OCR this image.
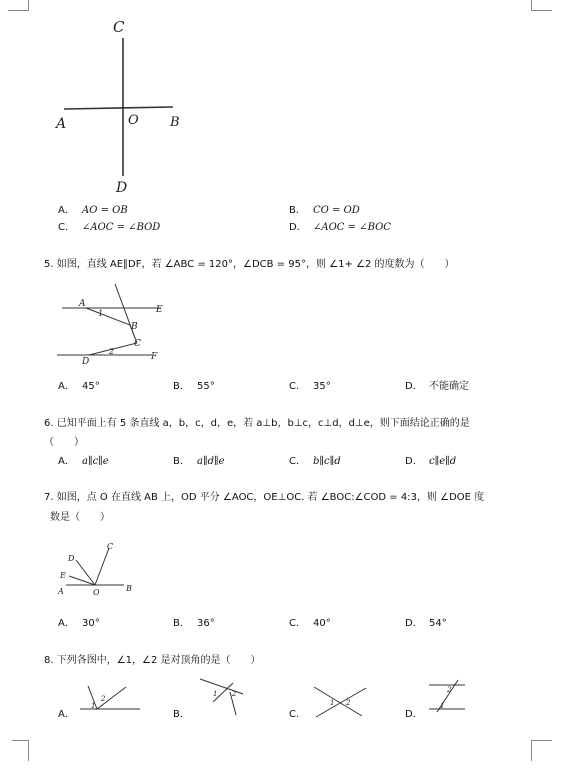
C
A	O B
D
A． AO = OB	B． CO = OD
C． ∠AOC = ∠BOD	D． ∠AOC = ∠BOC
5. 如图，直线 AE∥DF，若 ∠ABC = 120°，∠DCB = 95°，则 ∠1+ ∠2 的度数为（　　）
A
E
B
C
D	F
1
2
A． 45°	B． 55°	C． 35°	D． 不能确定
6. 已知平面上有 5 条直线 a，b，c，d，e，若 a⊥b，b⊥c，c⊥d，d⊥e，则下面结论正确的是
（　　）
A． a∥c∥e	B． a∥d∥e	C． b∥c∥d	D． c∥e∥d
7. 如图，点 O 在直线 AB 上，OD 平分 ∠AOC，OE⊥OC. 若 ∠BOC:∠COD = 4:3，则 ∠DOE 度
数是（　　）
D
C
E
A	O	B
A． 30°	B． 36°	C． 40°	D． 54°
8. 下列各图中，∠1，∠2 是对顶角的是（　　）
A．	B．	C．	D．
1
2
1 2
1 2
2
1
